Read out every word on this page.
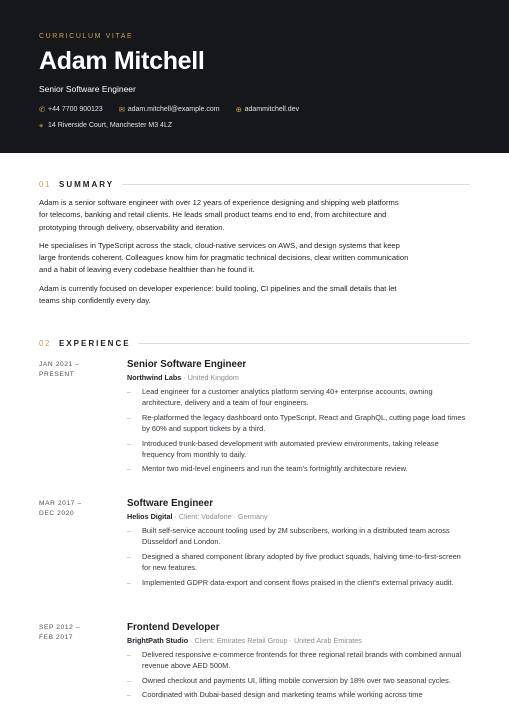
CURRICULUM VITAE
Adam Mitchell
Senior Software Engineer
✆ +44 7700 900123 ✉ adam.mitchell@example.com ⊕ adammitchell.dev
⌖ 14 Riverside Court, Manchester M3 4LZ
01 SUMMARY

Adam is a senior software engineer with over 12 years of experience designing and shipping web platforms for telecoms, banking and retail clients. He leads small product teams end to end, from architecture and prototyping through delivery, observability and iteration.

He specialises in TypeScript across the stack, cloud-native services on AWS, and design systems that keep large frontends coherent. Colleagues know him for pragmatic technical decisions, clear written communication and a habit of leaving every codebase healthier than he found it.

Adam is currently focused on developer experience: build tooling, CI pipelines and the small details that let teams ship confidently every day.

02 EXPERIENCE
JAN 2021 –
PRESENT
Senior Software Engineer
Northwind Labs · United Kingdom
– Lead engineer for a customer analytics platform serving 40+ enterprise accounts, owning architecture, delivery and a team of four engineers.
– Re-platformed the legacy dashboard onto TypeScript, React and GraphQL, cutting page load times by 60% and support tickets by a third.
– Introduced trunk-based development with automated preview environments, taking release frequency from monthly to daily.
– Mentor two mid-level engineers and run the team's fortnightly architecture review.
MAR 2017 –
DEC 2020
Software Engineer
Helios Digital · Client: Vodafone · Germany
– Built self-service account tooling used by 2M subscribers, working in a distributed team across Düsseldorf and London.
– Designed a shared component library adopted by five product squads, halving time-to-first-screen for new features.
– Implemented GDPR data-export and consent flows praised in the client's external privacy audit.
SEP 2012 –
FEB 2017
Frontend Developer
BrightPath Studio · Client: Emirates Retail Group · United Arab Emirates
– Delivered responsive e-commerce frontends for three regional retail brands with combined annual revenue above AED 500M.
– Owned checkout and payments UI, lifting mobile conversion by 18% over two seasonal cycles.
– Coordinated with Dubai-based design and marketing teams while working across time
